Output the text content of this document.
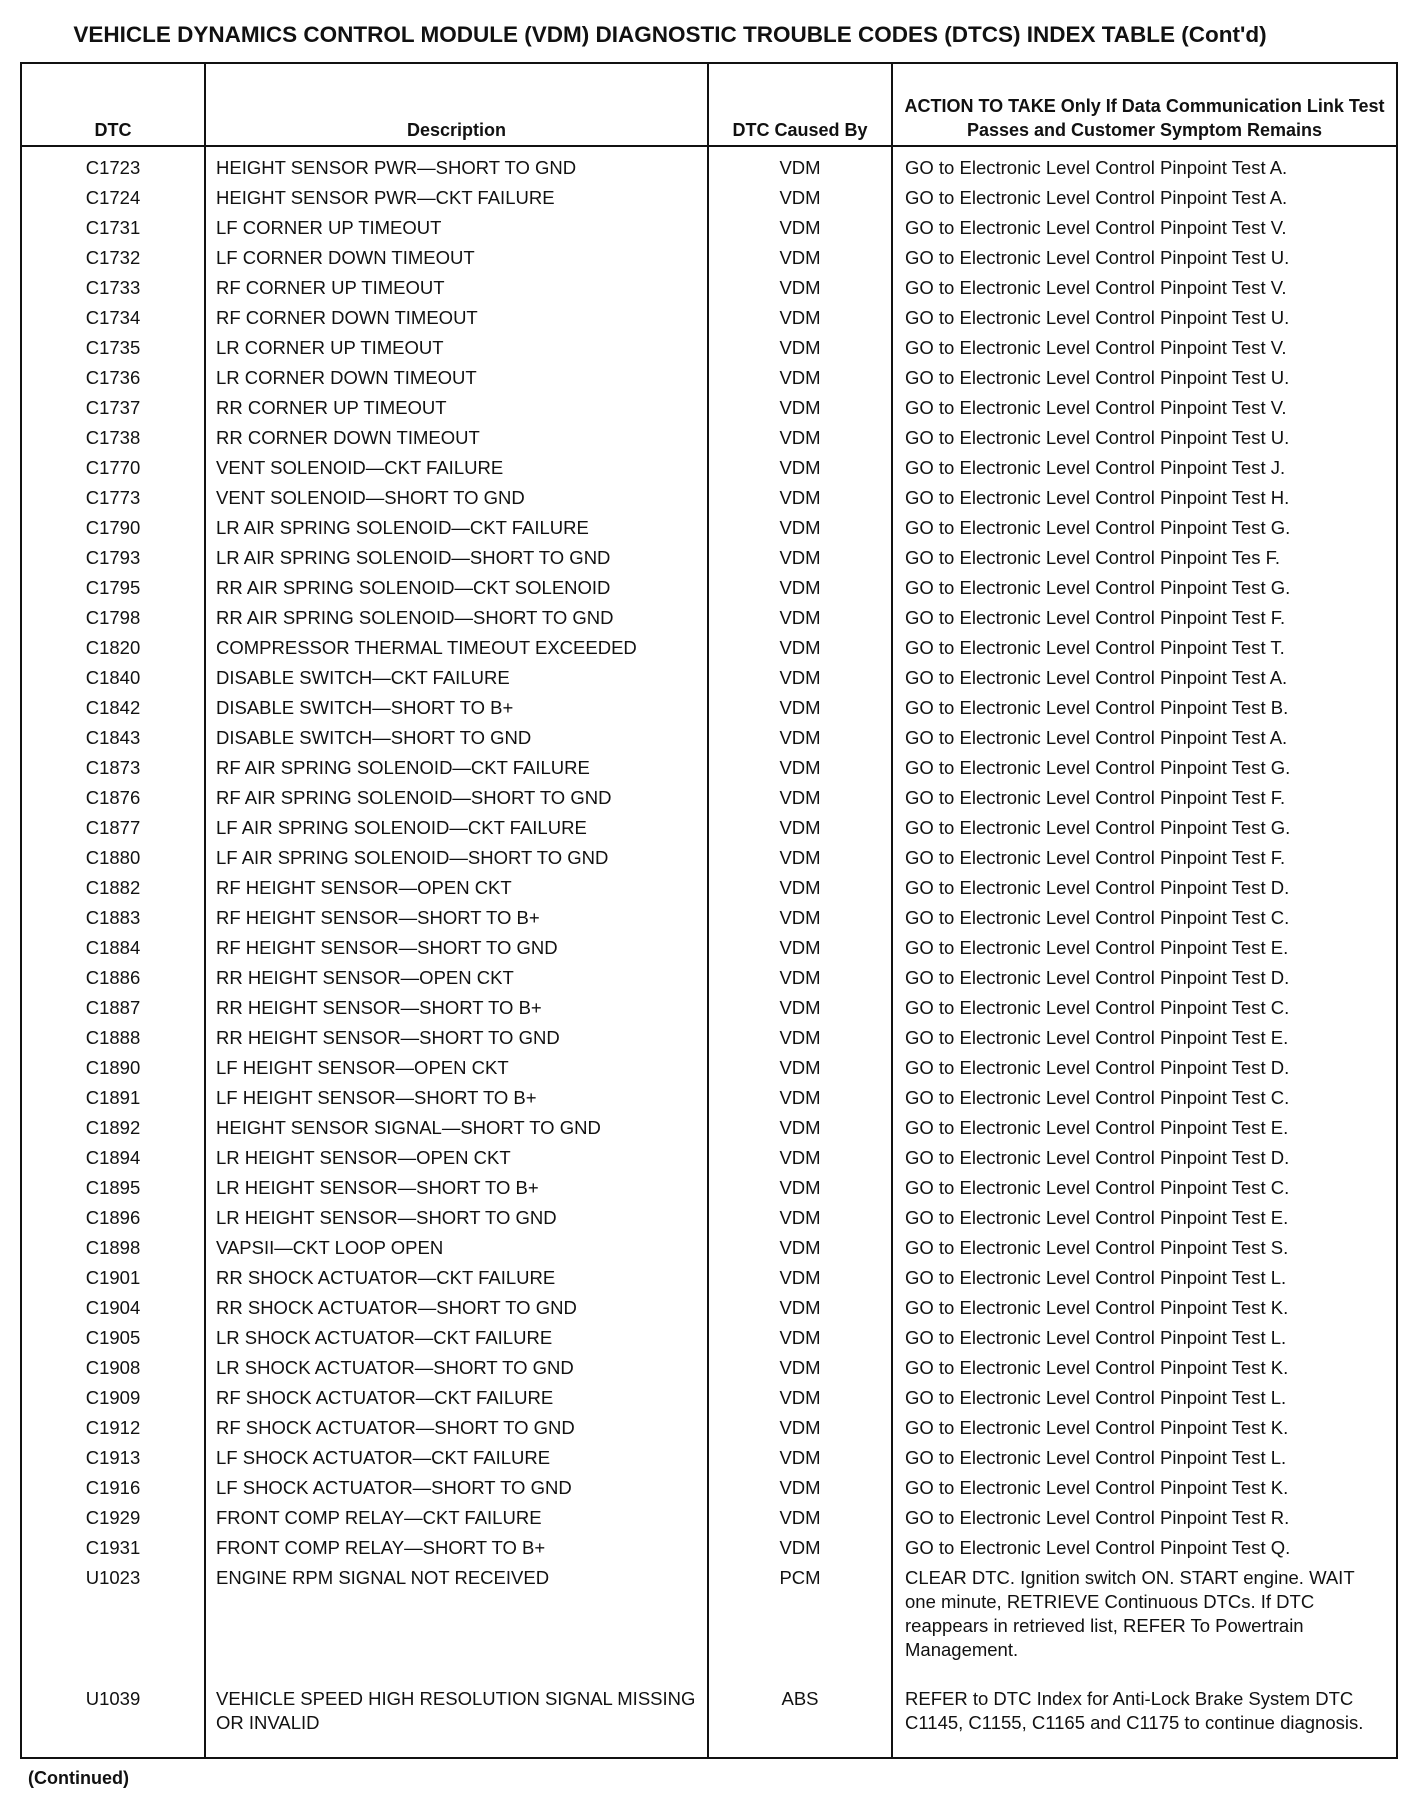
VEHICLE DYNAMICS CONTROL MODULE (VDM) DIAGNOSTIC TROUBLE CODES (DTCS) INDEX TABLE (Cont'd)
DTC	Description	DTC Caused By	ACTION TO TAKE Only If Data Communication Link Test Passes and Customer Symptom Remains
C1723	HEIGHT SENSOR PWR—SHORT TO GND	VDM	GO to Electronic Level Control Pinpoint Test A.
C1724	HEIGHT SENSOR PWR—CKT FAILURE	VDM	GO to Electronic Level Control Pinpoint Test A.
C1731	LF CORNER UP TIMEOUT	VDM	GO to Electronic Level Control Pinpoint Test V.
C1732	LF CORNER DOWN TIMEOUT	VDM	GO to Electronic Level Control Pinpoint Test U.
C1733	RF CORNER UP TIMEOUT	VDM	GO to Electronic Level Control Pinpoint Test V.
C1734	RF CORNER DOWN TIMEOUT	VDM	GO to Electronic Level Control Pinpoint Test U.
C1735	LR CORNER UP TIMEOUT	VDM	GO to Electronic Level Control Pinpoint Test V.
C1736	LR CORNER DOWN TIMEOUT	VDM	GO to Electronic Level Control Pinpoint Test U.
C1737	RR CORNER UP TIMEOUT	VDM	GO to Electronic Level Control Pinpoint Test V.
C1738	RR CORNER DOWN TIMEOUT	VDM	GO to Electronic Level Control Pinpoint Test U.
C1770	VENT SOLENOID—CKT FAILURE	VDM	GO to Electronic Level Control Pinpoint Test J.
C1773	VENT SOLENOID—SHORT TO GND	VDM	GO to Electronic Level Control Pinpoint Test H.
C1790	LR AIR SPRING SOLENOID—CKT FAILURE	VDM	GO to Electronic Level Control Pinpoint Test G.
C1793	LR AIR SPRING SOLENOID—SHORT TO GND	VDM	GO to Electronic Level Control Pinpoint Tes F.
C1795	RR AIR SPRING SOLENOID—CKT SOLENOID	VDM	GO to Electronic Level Control Pinpoint Test G.
C1798	RR AIR SPRING SOLENOID—SHORT TO GND	VDM	GO to Electronic Level Control Pinpoint Test F.
C1820	COMPRESSOR THERMAL TIMEOUT EXCEEDED	VDM	GO to Electronic Level Control Pinpoint Test T.
C1840	DISABLE SWITCH—CKT FAILURE	VDM	GO to Electronic Level Control Pinpoint Test A.
C1842	DISABLE SWITCH—SHORT TO B+	VDM	GO to Electronic Level Control Pinpoint Test B.
C1843	DISABLE SWITCH—SHORT TO GND	VDM	GO to Electronic Level Control Pinpoint Test A.
C1873	RF AIR SPRING SOLENOID—CKT FAILURE	VDM	GO to Electronic Level Control Pinpoint Test G.
C1876	RF AIR SPRING SOLENOID—SHORT TO GND	VDM	GO to Electronic Level Control Pinpoint Test F.
C1877	LF AIR SPRING SOLENOID—CKT FAILURE	VDM	GO to Electronic Level Control Pinpoint Test G.
C1880	LF AIR SPRING SOLENOID—SHORT TO GND	VDM	GO to Electronic Level Control Pinpoint Test F.
C1882	RF HEIGHT SENSOR—OPEN CKT	VDM	GO to Electronic Level Control Pinpoint Test D.
C1883	RF HEIGHT SENSOR—SHORT TO B+	VDM	GO to Electronic Level Control Pinpoint Test C.
C1884	RF HEIGHT SENSOR—SHORT TO GND	VDM	GO to Electronic Level Control Pinpoint Test E.
C1886	RR HEIGHT SENSOR—OPEN CKT	VDM	GO to Electronic Level Control Pinpoint Test D.
C1887	RR HEIGHT SENSOR—SHORT TO B+	VDM	GO to Electronic Level Control Pinpoint Test C.
C1888	RR HEIGHT SENSOR—SHORT TO GND	VDM	GO to Electronic Level Control Pinpoint Test E.
C1890	LF HEIGHT SENSOR—OPEN CKT	VDM	GO to Electronic Level Control Pinpoint Test D.
C1891	LF HEIGHT SENSOR—SHORT TO B+	VDM	GO to Electronic Level Control Pinpoint Test C.
C1892	HEIGHT SENSOR SIGNAL—SHORT TO GND	VDM	GO to Electronic Level Control Pinpoint Test E.
C1894	LR HEIGHT SENSOR—OPEN CKT	VDM	GO to Electronic Level Control Pinpoint Test D.
C1895	LR HEIGHT SENSOR—SHORT TO B+	VDM	GO to Electronic Level Control Pinpoint Test C.
C1896	LR HEIGHT SENSOR—SHORT TO GND	VDM	GO to Electronic Level Control Pinpoint Test E.
C1898	VAPSII—CKT LOOP OPEN	VDM	GO to Electronic Level Control Pinpoint Test S.
C1901	RR SHOCK ACTUATOR—CKT FAILURE	VDM	GO to Electronic Level Control Pinpoint Test L.
C1904	RR SHOCK ACTUATOR—SHORT TO GND	VDM	GO to Electronic Level Control Pinpoint Test K.
C1905	LR SHOCK ACTUATOR—CKT FAILURE	VDM	GO to Electronic Level Control Pinpoint Test L.
C1908	LR SHOCK ACTUATOR—SHORT TO GND	VDM	GO to Electronic Level Control Pinpoint Test K.
C1909	RF SHOCK ACTUATOR—CKT FAILURE	VDM	GO to Electronic Level Control Pinpoint Test L.
C1912	RF SHOCK ACTUATOR—SHORT TO GND	VDM	GO to Electronic Level Control Pinpoint Test K.
C1913	LF SHOCK ACTUATOR—CKT FAILURE	VDM	GO to Electronic Level Control Pinpoint Test L.
C1916	LF SHOCK ACTUATOR—SHORT TO GND	VDM	GO to Electronic Level Control Pinpoint Test K.
C1929	FRONT COMP RELAY—CKT FAILURE	VDM	GO to Electronic Level Control Pinpoint Test R.
C1931	FRONT COMP RELAY—SHORT TO B+	VDM	GO to Electronic Level Control Pinpoint Test Q.
U1023	ENGINE RPM SIGNAL NOT RECEIVED	PCM	CLEAR DTC. Ignition switch ON. START engine. WAIT one minute, RETRIEVE Continuous DTCs. If DTC reappears in retrieved list, REFER To Powertrain Management.
U1039	VEHICLE SPEED HIGH RESOLUTION SIGNAL MISSING OR INVALID	ABS	REFER to DTC Index for Anti-Lock Brake System DTC C1145, C1155, C1165 and C1175 to continue diagnosis.
(Continued)
